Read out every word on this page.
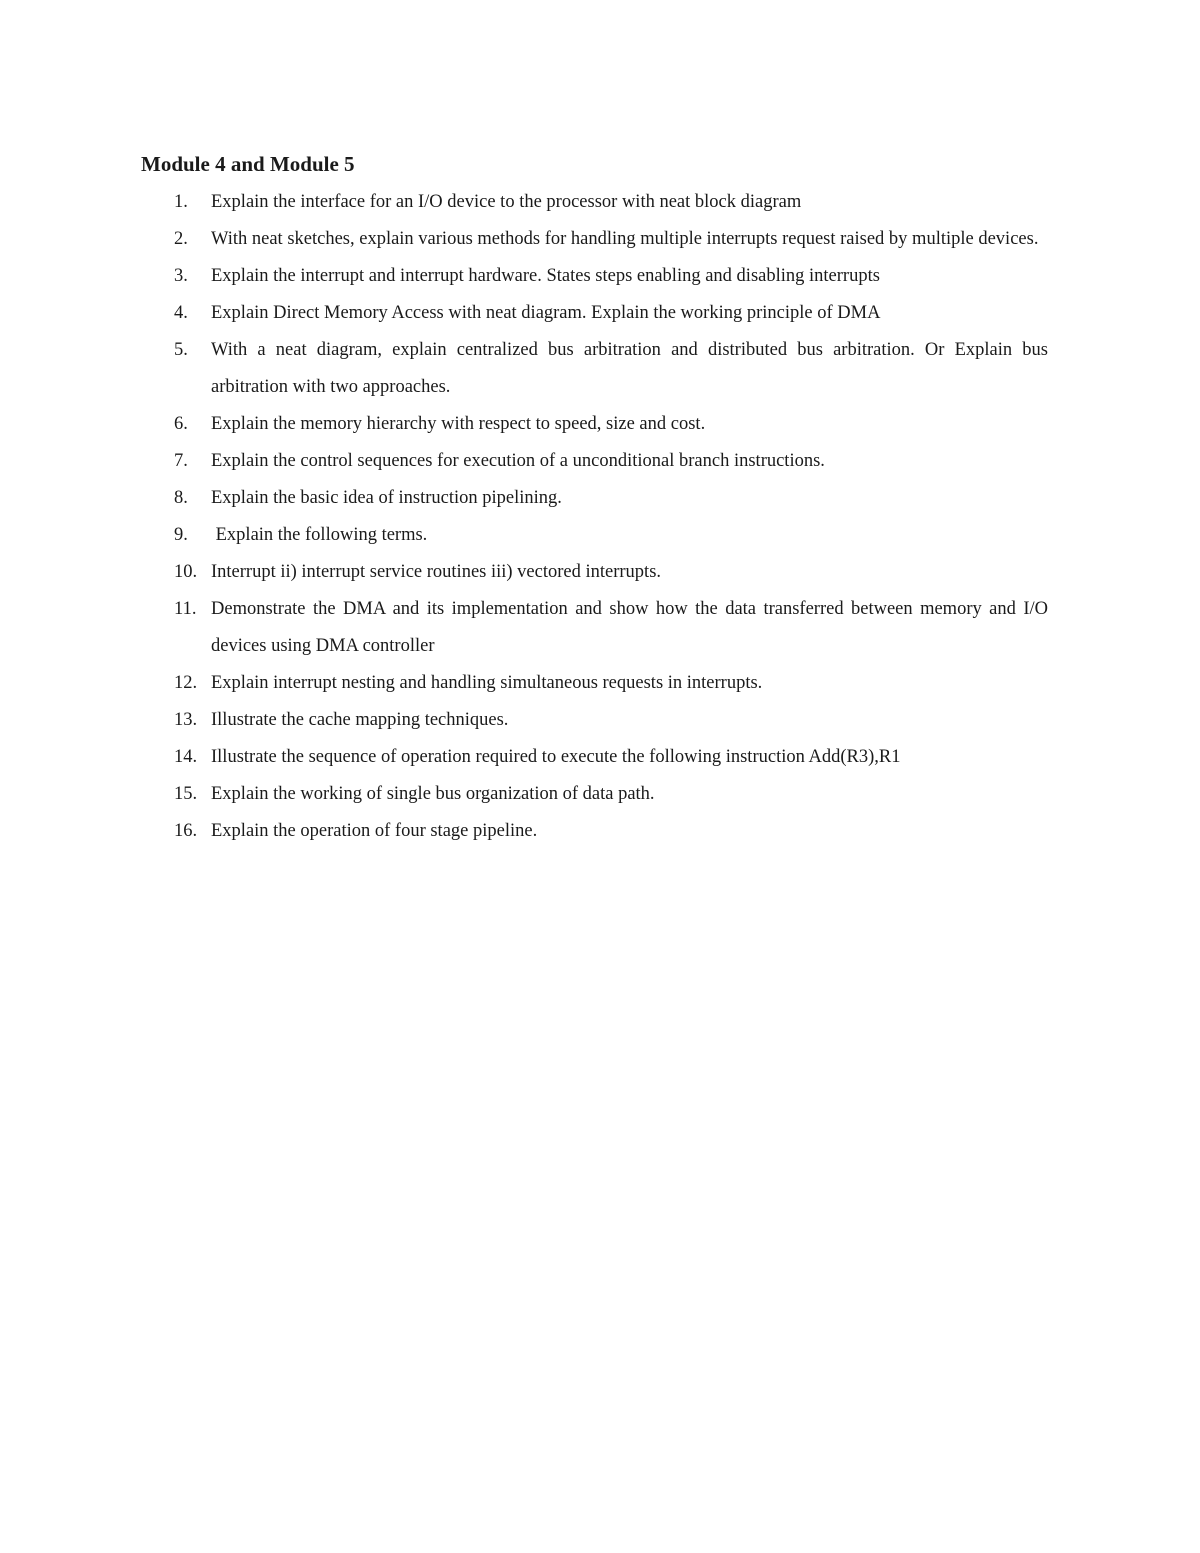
Module 4 and Module 5
1.	Explain the interface for an I/O device to the processor with neat block diagram
2.	With neat sketches, explain various methods for handling multiple interrupts request raised by multiple devices.
3.	Explain the interrupt and interrupt hardware. States steps enabling and disabling interrupts
4.	Explain Direct Memory Access with neat diagram. Explain the working principle of DMA
5.	With a neat diagram, explain centralized bus arbitration and distributed bus arbitration. Or Explain bus arbitration with two approaches.
6.	Explain the memory hierarchy with respect to speed, size and cost.
7.	Explain the control sequences for execution of a unconditional branch instructions.
8.	Explain the basic idea of instruction pipelining.
9.	Explain the following terms.
10. Interrupt ii) interrupt service routines iii) vectored interrupts.
11. Demonstrate the DMA and its implementation and show how the data transferred between memory and I/O devices using DMA controller
12. Explain interrupt nesting and handling simultaneous requests in interrupts.
13. Illustrate the cache mapping techniques.
14. Illustrate the sequence of operation required to execute the following instruction Add(R3),R1
15. Explain the working of single bus organization of data path.
16. Explain the operation of four stage pipeline.
